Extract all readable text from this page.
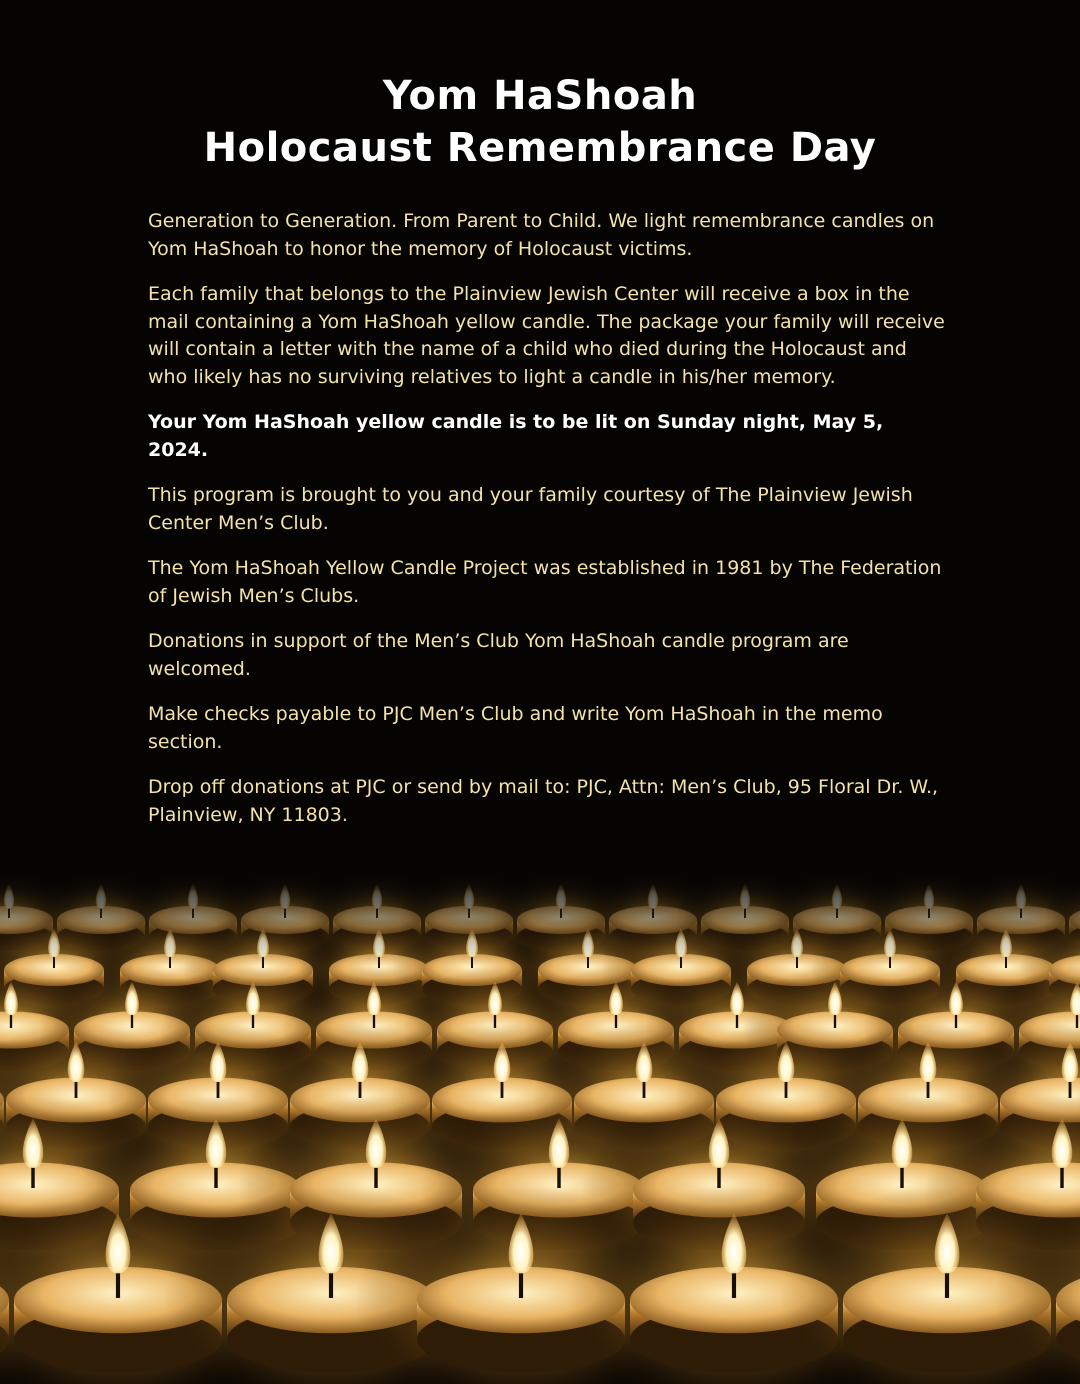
Yom HaShoah
Holocaust Remembrance Day

Generation to Generation. From Parent to Child. We light remembrance candles on Yom HaShoah to honor the memory of Holocaust victims.

Each family that belongs to the Plainview Jewish Center will receive a box in the mail containing a Yom HaShoah yellow candle. The package your family will receive will contain a letter with the name of a child who died during the Holocaust and who likely has no surviving relatives to light a candle in his/her memory.

Your Yom HaShoah yellow candle is to be lit on Sunday night, May 5, 2024.

This program is brought to you and your family courtesy of The Plainview Jewish Center Men’s Club.

The Yom HaShoah Yellow Candle Project was established in 1981 by The Federation of Jewish Men’s Clubs.

Donations in support of the Men’s Club Yom HaShoah candle program are welcomed.

Make checks payable to PJC Men’s Club and write Yom HaShoah in the memo section.

Drop off donations at PJC or send by mail to: PJC, Attn: Men’s Club, 95 Floral Dr. W., Plainview, NY 11803.
